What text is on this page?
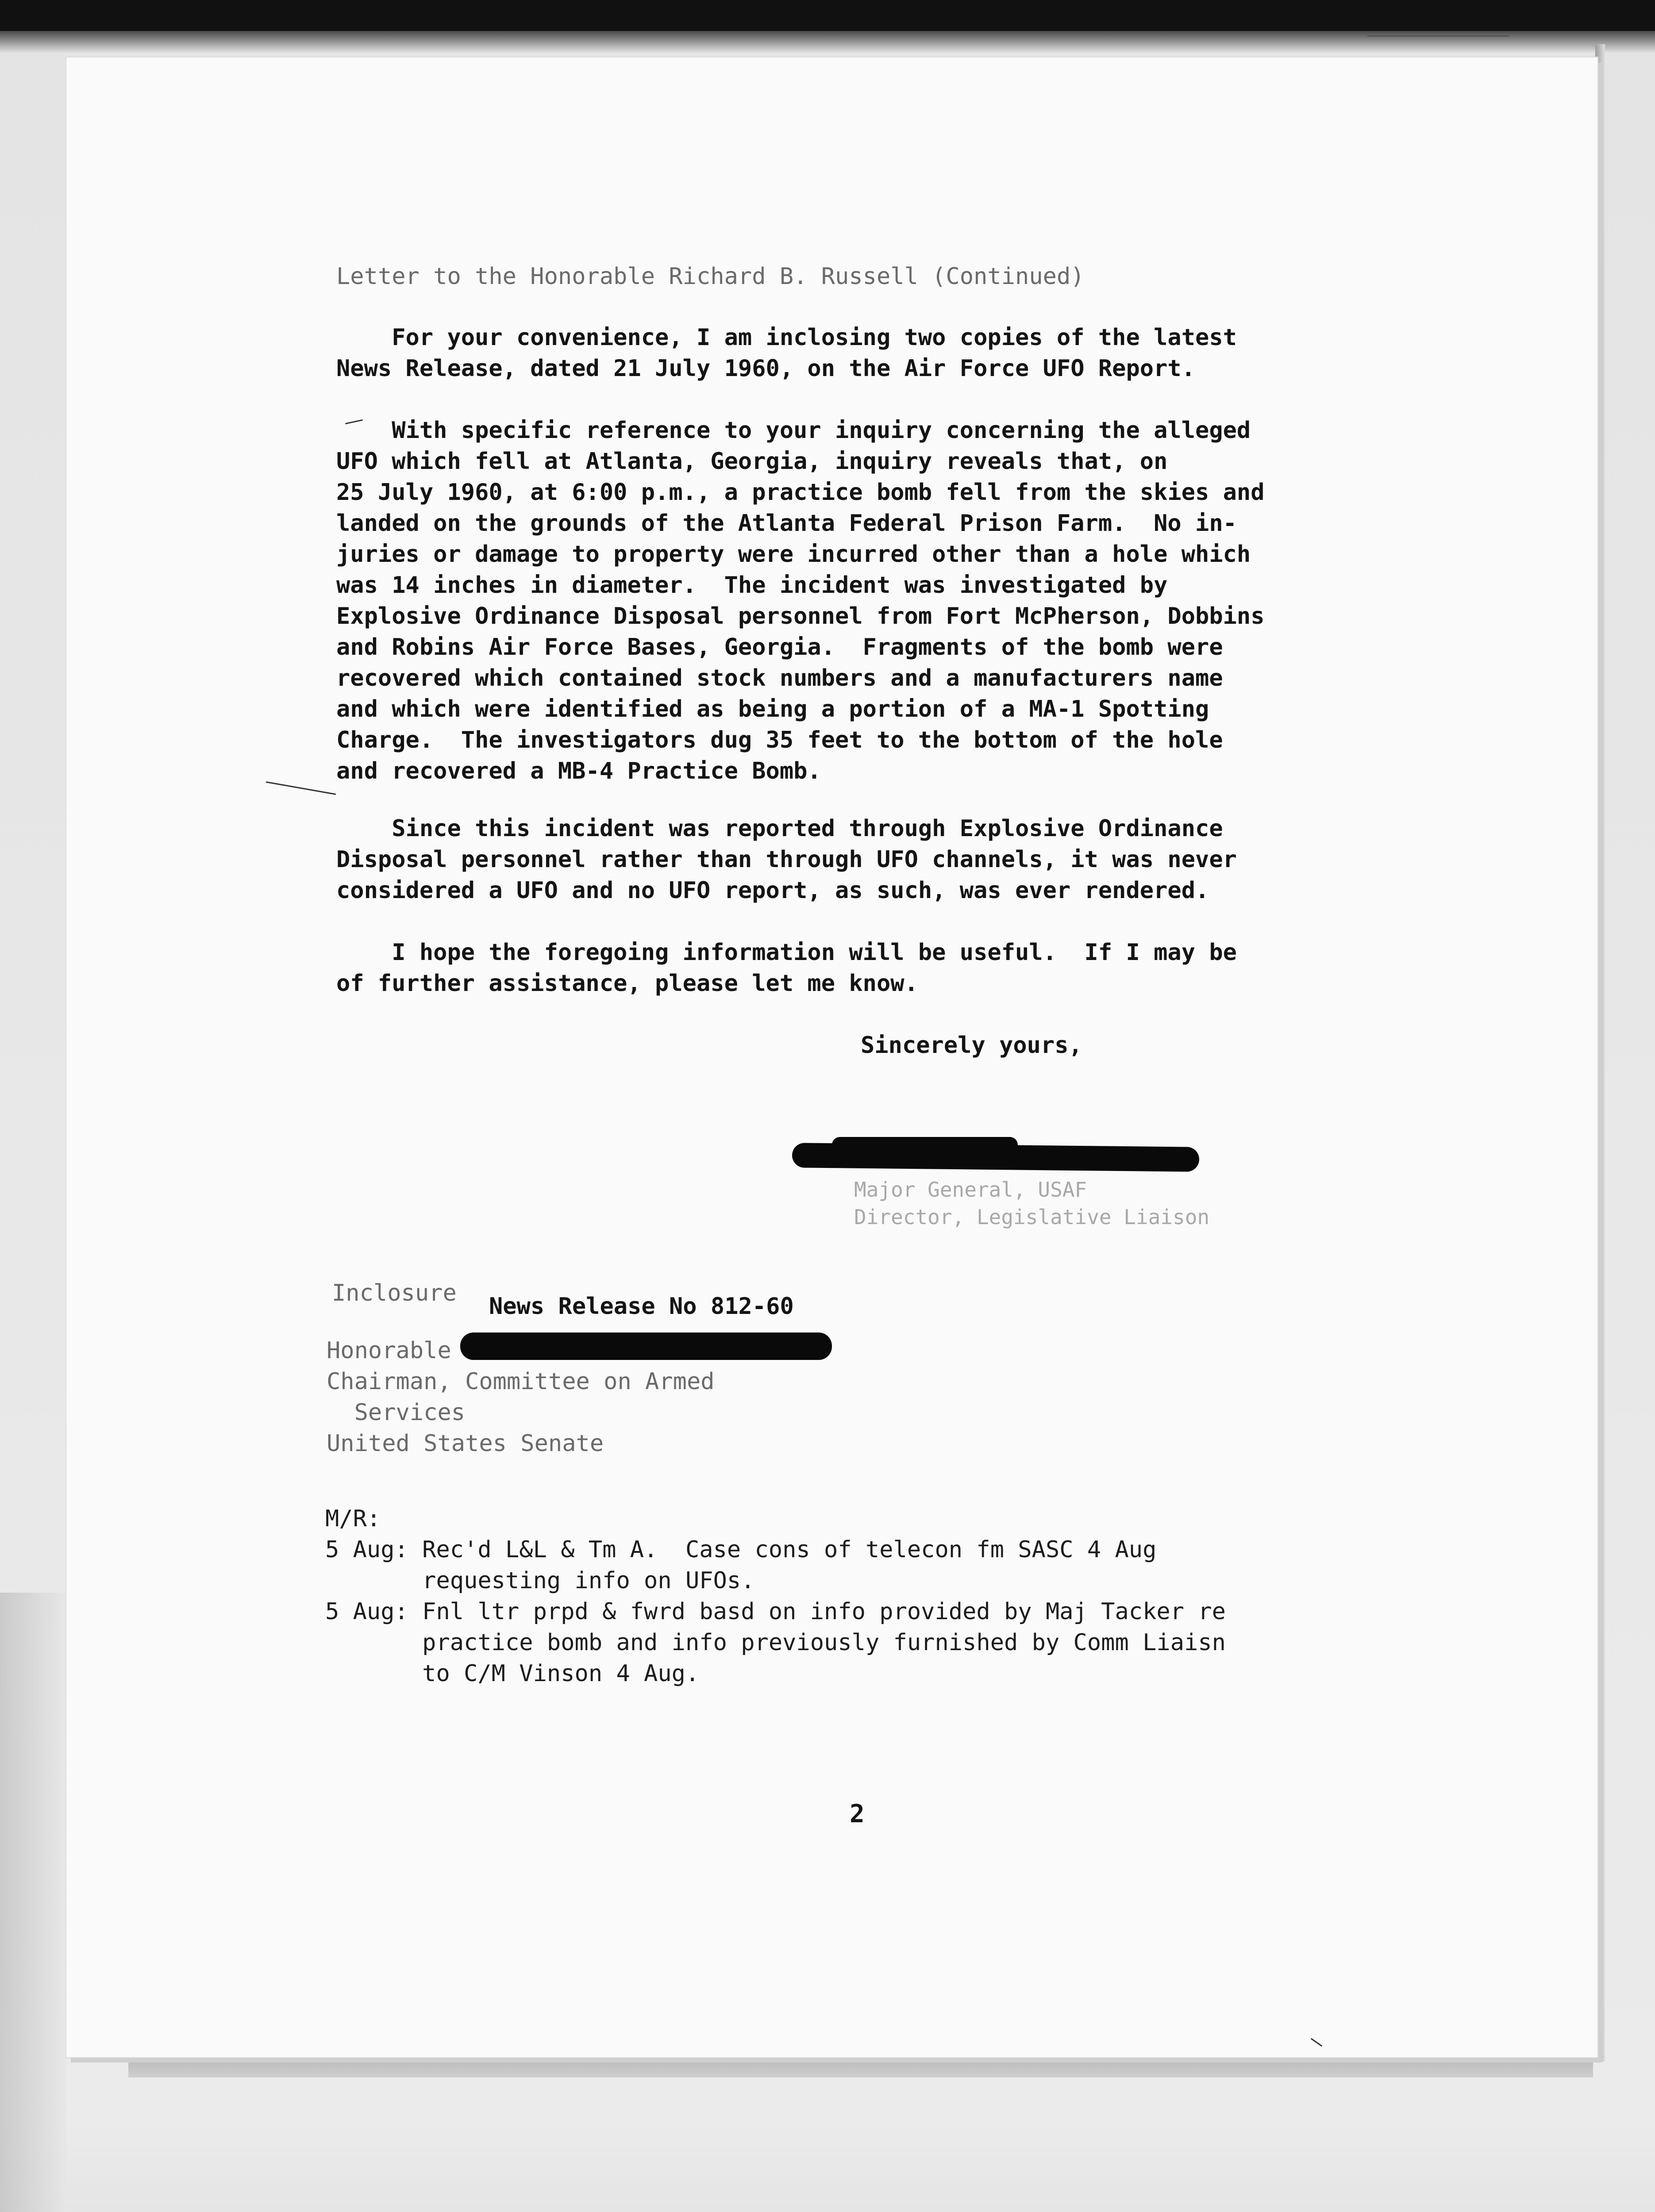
Letter to the Honorable Richard B. Russell (Continued)
For your convenience, I am inclosing two copies of the latest
News Release, dated 21 July 1960, on the Air Force UFO Report.
With specific reference to your inquiry concerning the alleged
UFO which fell at Atlanta, Georgia, inquiry reveals that, on
25 July 1960, at 6:00 p.m., a practice bomb fell from the skies and
landed on the grounds of the Atlanta Federal Prison Farm.  No in-
juries or damage to property were incurred other than a hole which
was 14 inches in diameter.  The incident was investigated by
Explosive Ordinance Disposal personnel from Fort McPherson, Dobbins
and Robins Air Force Bases, Georgia.  Fragments of the bomb were
recovered which contained stock numbers and a manufacturers name
and which were identified as being a portion of a MA-1 Spotting
Charge.  The investigators dug 35 feet to the bottom of the hole
and recovered a MB-4 Practice Bomb.
Since this incident was reported through Explosive Ordinance
Disposal personnel rather than through UFO channels, it was never
considered a UFO and no UFO report, as such, was ever rendered.
I hope the foregoing information will be useful.  If I may be
of further assistance, please let me know.
Sincerely yours,
Major General, USAF
Director, Legislative Liaison
Inclosure News Release No 812-60
Honorable
Chairman, Committee on Armed
Services
United States Senate
M/R:
5 Aug: Rec'd L&L & Tm A.  Case cons of telecon fm SASC 4 Aug
requesting info on UFOs.
5 Aug: Fnl ltr prpd & fwrd basd on info provided by Maj Tacker re
practice bomb and info previously furnished by Comm Liaisn
to C/M Vinson 4 Aug.
2
